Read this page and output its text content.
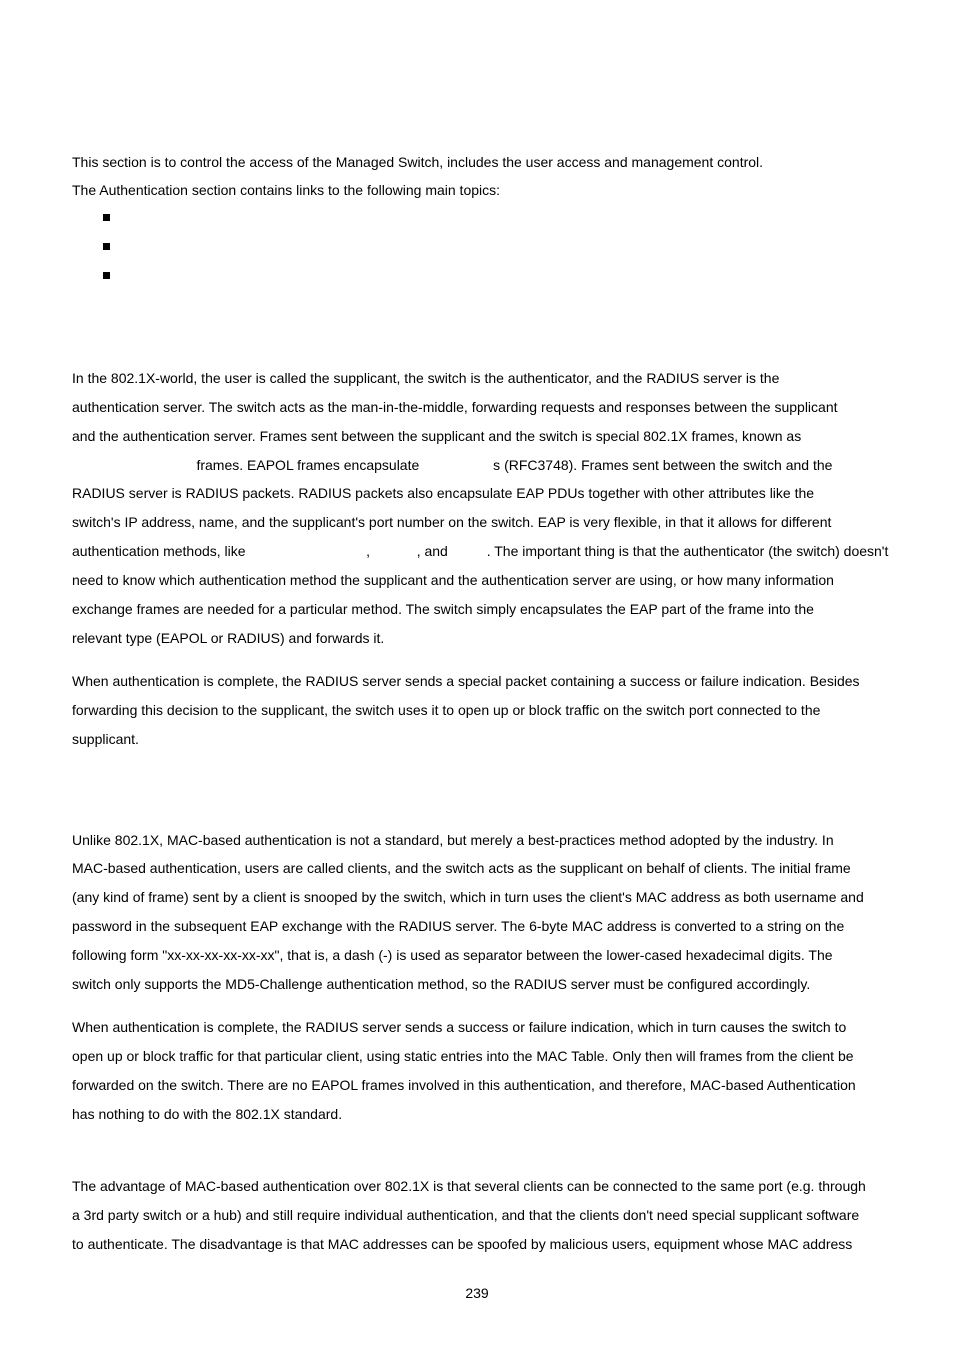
This section is to control the access of the Managed Switch, includes the user access and management control.
The Authentication section contains links to the following main topics:
In the 802.1X-world, the user is called the supplicant, the switch is the authenticator, and the RADIUS server is the
authentication server. The switch acts as the man-in-the-middle, forwarding requests and responses between the supplicant
and the authentication server. Frames sent between the supplicant and the switch is special 802.1X frames, known as
frames. EAPOL frames encapsulate                   s (RFC3748). Frames sent between the switch and the
RADIUS server is RADIUS packets. RADIUS packets also encapsulate EAP PDUs together with other attributes like the
switch's IP address, name, and the supplicant's port number on the switch. EAP is very flexible, in that it allows for different
authentication methods, like                               ,            , and          . The important thing is that the authenticator (the switch) doesn't
need to know which authentication method the supplicant and the authentication server are using, or how many information
exchange frames are needed for a particular method. The switch simply encapsulates the EAP part of the frame into the
relevant type (EAPOL or RADIUS) and forwards it.
When authentication is complete, the RADIUS server sends a special packet containing a success or failure indication. Besides
forwarding this decision to the supplicant, the switch uses it to open up or block traffic on the switch port connected to the
supplicant.
Unlike 802.1X, MAC-based authentication is not a standard, but merely a best-practices method adopted by the industry. In
MAC-based authentication, users are called clients, and the switch acts as the supplicant on behalf of clients. The initial frame
(any kind of frame) sent by a client is snooped by the switch, which in turn uses the client's MAC address as both username and
password in the subsequent EAP exchange with the RADIUS server. The 6-byte MAC address is converted to a string on the
following form "xx-xx-xx-xx-xx-xx", that is, a dash (-) is used as separator between the lower-cased hexadecimal digits. The
switch only supports the MD5-Challenge authentication method, so the RADIUS server must be configured accordingly.
When authentication is complete, the RADIUS server sends a success or failure indication, which in turn causes the switch to
open up or block traffic for that particular client, using static entries into the MAC Table. Only then will frames from the client be
forwarded on the switch. There are no EAPOL frames involved in this authentication, and therefore, MAC-based Authentication
has nothing to do with the 802.1X standard.
The advantage of MAC-based authentication over 802.1X is that several clients can be connected to the same port (e.g. through
a 3rd party switch or a hub) and still require individual authentication, and that the clients don't need special supplicant software
to authenticate. The disadvantage is that MAC addresses can be spoofed by malicious users, equipment whose MAC address
239
